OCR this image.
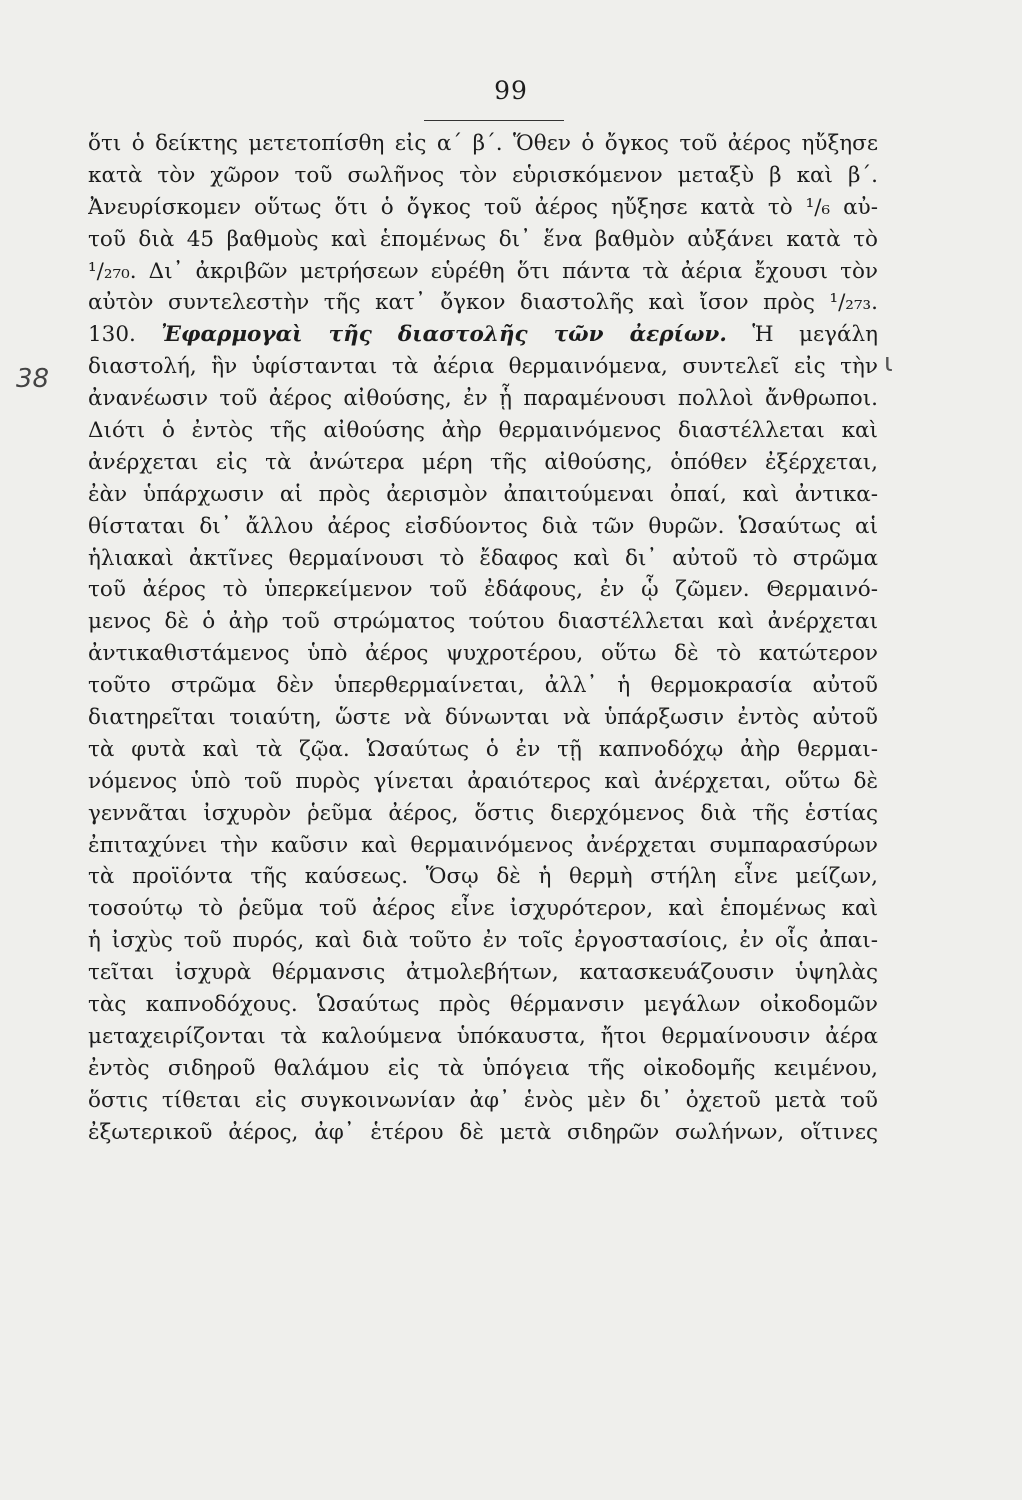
99
38
ι
ὅτι ὁ δείκτης μετετοπίσθη εἰς α΄ β΄. Ὅθεν ὁ ὄγκος τοῦ ἀέρος ηὔξησε
κατὰ τὸν χῶρον τοῦ σωλῆνος τὸν εὑρισκόμενον μεταξὺ β καὶ β΄.
Ἀνευρίσκομεν οὕτως ὅτι ὁ ὄγκος τοῦ ἀέρος ηὔξησε κατὰ τὸ ¹/₆ αὐ-
τοῦ διὰ 45 βαθμοὺς καὶ ἑπομένως δι᾽ ἕνα βαθμὸν αὐξάνει κατὰ τὸ
¹/₂₇₀. Δι᾽ ἀκριβῶν μετρήσεων εὑρέθη ὅτι πάντα τὰ ἀέρια ἔχουσι τὸν
αὐτὸν συντελεστὴν τῆς κατ᾽ ὄγκον διαστολῆς καὶ ἴσον πρὸς ¹/₂₇₃.
130. Ἐφαρμογαὶ τῆς διαστολῆς τῶν ἀερίων. Ἡ μεγάλη
διαστολή, ἣν ὑφίστανται τὰ ἀέρια θερμαινόμενα, συντελεῖ εἰς τὴν
ἀνανέωσιν τοῦ ἀέρος αἰθούσης, ἐν ᾗ παραμένουσι πολλοὶ ἄνθρωποι.
Διότι ὁ ἐντὸς τῆς αἰθούσης ἀὴρ θερμαινόμενος διαστέλλεται καὶ
ἀνέρχεται εἰς τὰ ἀνώτερα μέρη τῆς αἰθούσης, ὁπόθεν ἐξέρχεται,
ἐὰν ὑπάρχωσιν αἱ πρὸς ἀερισμὸν ἀπαιτούμεναι ὀπαί, καὶ ἀντικα-
θίσταται δι᾽ ἄλλου ἀέρος εἰσδύοντος διὰ τῶν θυρῶν. Ὡσαύτως αἱ
ἡλιακαὶ ἀκτῖνες θερμαίνουσι τὸ ἔδαφος καὶ δι᾽ αὐτοῦ τὸ στρῶμα
τοῦ ἀέρος τὸ ὑπερκείμενον τοῦ ἐδάφους, ἐν ᾧ ζῶμεν. Θερμαινό-
μενος δὲ ὁ ἀὴρ τοῦ στρώματος τούτου διαστέλλεται καὶ ἀνέρχεται
ἀντικαθιστάμενος ὑπὸ ἀέρος ψυχροτέρου, οὕτω δὲ τὸ κατώτερον
τοῦτο στρῶμα δὲν ὑπερθερμαίνεται, ἀλλ᾽ ἡ θερμοκρασία αὐτοῦ
διατηρεῖται τοιαύτη, ὥστε νὰ δύνωνται νὰ ὑπάρξωσιν ἐντὸς αὐτοῦ
τὰ φυτὰ καὶ τὰ ζῷα. Ὡσαύτως ὁ ἐν τῇ καπνοδόχῳ ἀὴρ θερμαι-
νόμενος ὑπὸ τοῦ πυρὸς γίνεται ἀραιότερος καὶ ἀνέρχεται, οὕτω δὲ
γεννᾶται ἰσχυρὸν ῥεῦμα ἀέρος, ὅστις διερχόμενος διὰ τῆς ἑστίας
ἐπιταχύνει τὴν καῦσιν καὶ θερμαινόμενος ἀνέρχεται συμπαρασύρων
τὰ προϊόντα τῆς καύσεως. Ὅσῳ δὲ ἡ θερμὴ στήλη εἶνε μείζων,
τοσούτῳ τὸ ῥεῦμα τοῦ ἀέρος εἶνε ἰσχυρότερον, καὶ ἑπομένως καὶ
ἡ ἰσχὺς τοῦ πυρός, καὶ διὰ τοῦτο ἐν τοῖς ἐργοστασίοις, ἐν οἷς ἀπαι-
τεῖται ἰσχυρὰ θέρμανσις ἀτμολεβήτων, κατασκευάζουσιν ὑψηλὰς
τὰς καπνοδόχους. Ὡσαύτως πρὸς θέρμανσιν μεγάλων οἰκοδομῶν
μεταχειρίζονται τὰ καλούμενα ὑπόκαυστα, ἤτοι θερμαίνουσιν ἀέρα
ἐντὸς σιδηροῦ θαλάμου εἰς τὰ ὑπόγεια τῆς οἰκοδομῆς κειμένου,
ὅστις τίθεται εἰς συγκοινωνίαν ἀφ᾽ ἑνὸς μὲν δι᾽ ὀχετοῦ μετὰ τοῦ
ἐξωτερικοῦ ἀέρος, ἀφ᾽ ἑτέρου δὲ μετὰ σιδηρῶν σωλήνων, οἵτινες
